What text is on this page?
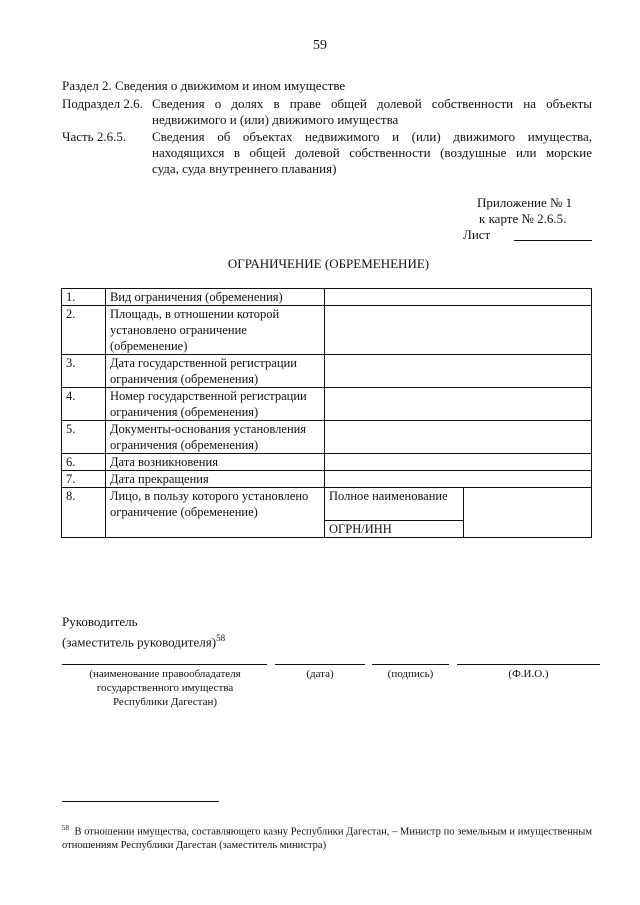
59
Раздел 2. Сведения о движимом и ином имуществе
Подраздел 2.6. Сведения о долях в праве общей долевой собственности на объекты
недвижимого и (или) движимого имущества
Часть 2.6.5. Сведения об объектах недвижимого и (или) движимого имущества,
находящихся в общей долевой собственности (воздушные или морские
суда, суда внутреннего плавания)
Приложение № 1
к карте № 2.6.5.
Лист
ОГРАНИЧЕНИЕ (ОБРЕМЕНЕНИЕ)
1.	Вид ограничения (обременения)	
2.	Площадь, в отношении которой установлено ограничение (обременение)	
3.	Дата государственной регистрации ограничения (обременения)	
4.	Номер государственной регистрации ограничения (обременения)	
5.	Документы-основания установления ограничения (обременения)	
6.	Дата возникновения	
7.	Дата прекращения	
8.	Лицо, в пользу которого установлено ограничение (обременение)	
Полное наименование	
ОГРН/ИНН	
Руководитель
(заместитель руководителя)$^{58}$
(наименование правообладателя государственного имущества Республики Дагестан)
(дата)	(подпись)	(Ф.И.О.)
$^{58}$ В отношении имущества, составляющего казну Республики Дагестан, – Министр по земельным и имущественным отношениям Республики Дагестан (заместитель министра)
